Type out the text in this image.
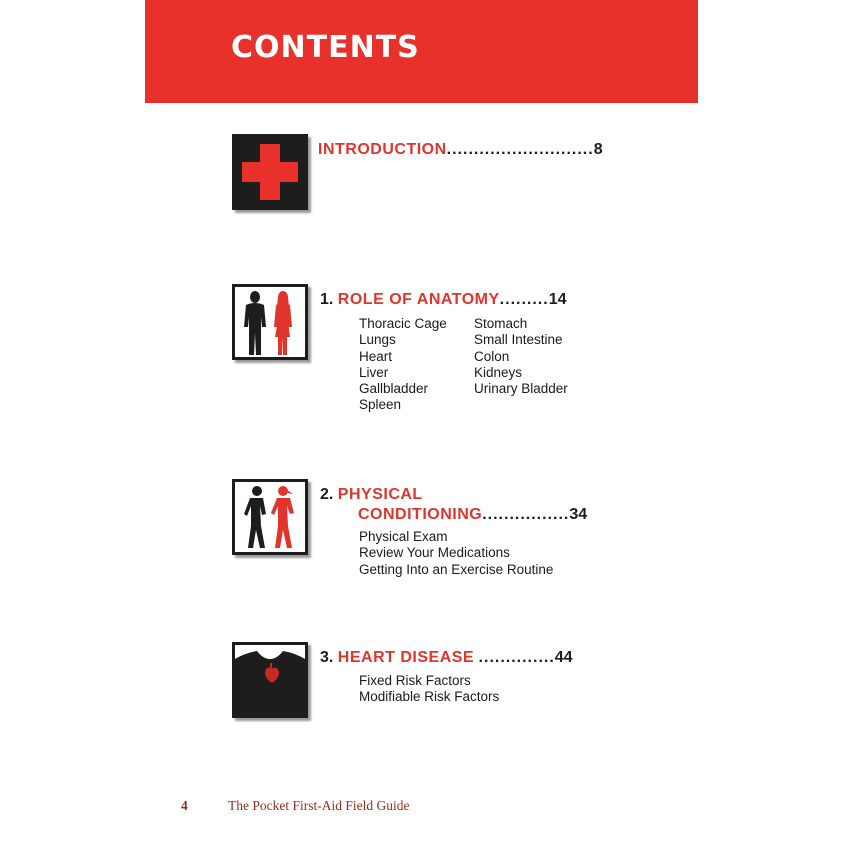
CONTENTS
INTRODUCTION...........................8
1. ROLE OF ANATOMY.........14
Thoracic Cage
Lungs
Heart
Liver
Gallbladder
Spleen
Stomach
Small Intestine
Colon
Kidneys
Urinary Bladder
2. PHYSICAL
CONDITIONING................34
Physical Exam
Review Your Medications
Getting Into an Exercise Routine
3. HEART DISEASE ..............44
Fixed Risk Factors
Modifiable Risk Factors
4	The Pocket First-Aid Field Guide
